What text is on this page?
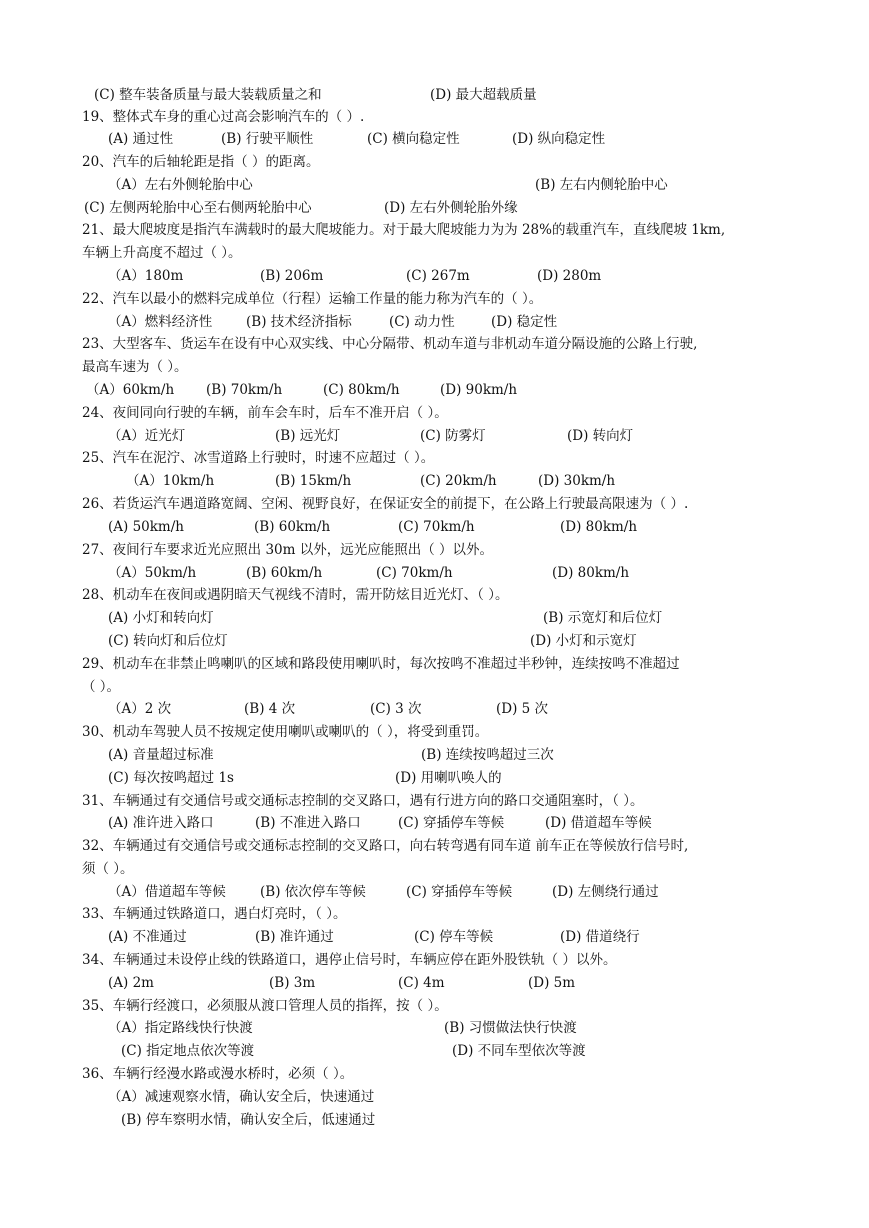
(C) 整车装备质量与最大装载质量之和	(D) 最大超载质量
19、整体式车身的重心过高会影响汽车的（ ）.
(A) 通过性	(B) 行驶平顺性	(C) 横向稳定性	(D) 纵向稳定性
20、汽车的后轴轮距是指（ ）的距离。
（A）左右外侧轮胎中心	(B) 左右内侧轮胎中心
(C) 左侧两轮胎中心至右侧两轮胎中心	(D) 左右外侧轮胎外缘
21、最大爬坡度是指汽车满载时的最大爬坡能力。对于最大爬坡能力为为 28%的载重汽车，直线爬坡 1km,
车辆上升高度不超过（ ）。
（A）180m	(B) 206m	(C) 267m	(D) 280m
22、汽车以最小的燃料完成单位（行程）运输工作量的能力称为汽车的（ ）。
（A）燃料经济性	(B) 技术经济指标	(C) 动力性	(D) 稳定性
23、大型客车、货运车在设有中心双实线、中心分隔带、机动车道与非机动车道分隔设施的公路上行驶,
最高车速为（ ）。
（A）60km/h (B) 70km/h	(C) 80km/h	(D) 90km/h
24、夜间同向行驶的车辆，前车会车时，后车不准开启（ ）。
（A）近光灯	(B) 远光灯	(C) 防雾灯	(D) 转向灯
25、汽车在泥泞、冰雪道路上行驶时，时速不应超过（ ）。
（A）10km/h	(B) 15km/h	(C) 20km/h	(D) 30km/h
26、若货运汽车遇道路宽阔、空闲、视野良好，在保证安全的前提下，在公路上行驶最高限速为（ ）.
(A) 50km/h	(B) 60km/h	(C) 70km/h	(D) 80km/h
27、夜间行车要求近光应照出 30m 以外，远光应能照出（ ）以外。
（A）50km/h	(B) 60km/h	(C) 70km/h	(D) 80km/h
28、机动车在夜间或遇阴暗天气视线不清时，需开防炫目近光灯、（ ）。
(A) 小灯和转向灯	(B) 示宽灯和后位灯
(C) 转向灯和后位灯	(D) 小灯和示宽灯
29、机动车在非禁止鸣喇叭的区域和路段使用喇叭时，每次按鸣不准超过半秒钟，连续按鸣不准超过
（ ）。
（A）2 次	(B) 4 次	(C) 3 次	(D) 5 次
30、机动车驾驶人员不按规定使用喇叭或喇叭的（ ），将受到重罚。
(A) 音量超过标准	(B) 连续按鸣超过三次
(C) 每次按鸣超过 1s	(D) 用喇叭唤人的
31、车辆通过有交通信号或交通标志控制的交叉路口，遇有行进方向的路口交通阻塞时，（ ）。
(A) 准许进入路口	(B) 不准进入路口	(C) 穿插停车等候	(D) 借道超车等候
32、车辆通过有交通信号或交通标志控制的交叉路口，向右转弯遇有同车道 前车正在等候放行信号时,
须（ ）。
（A）借道超车等候	(B) 依次停车等候	(C) 穿插停车等候	(D) 左侧绕行通过
33、车辆通过铁路道口，遇白灯亮时，（ ）。
(A) 不准通过	(B) 准许通过	(C) 停车等候	(D) 借道绕行
34、车辆通过未设停止线的铁路道口，遇停止信号时，车辆应停在距外股铁轨（ ）以外。
(A) 2m	(B) 3m	(C) 4m	(D) 5m
35、车辆行经渡口，必须服从渡口管理人员的指挥，按（ ）。
（A）指定路线快行快渡	(B) 习惯做法快行快渡
(C) 指定地点依次等渡	(D) 不同车型依次等渡
36、车辆行经漫水路或漫水桥时，必须（ ）。
（A）减速观察水情，确认安全后，快速通过
(B) 停车察明水情，确认安全后，低速通过
